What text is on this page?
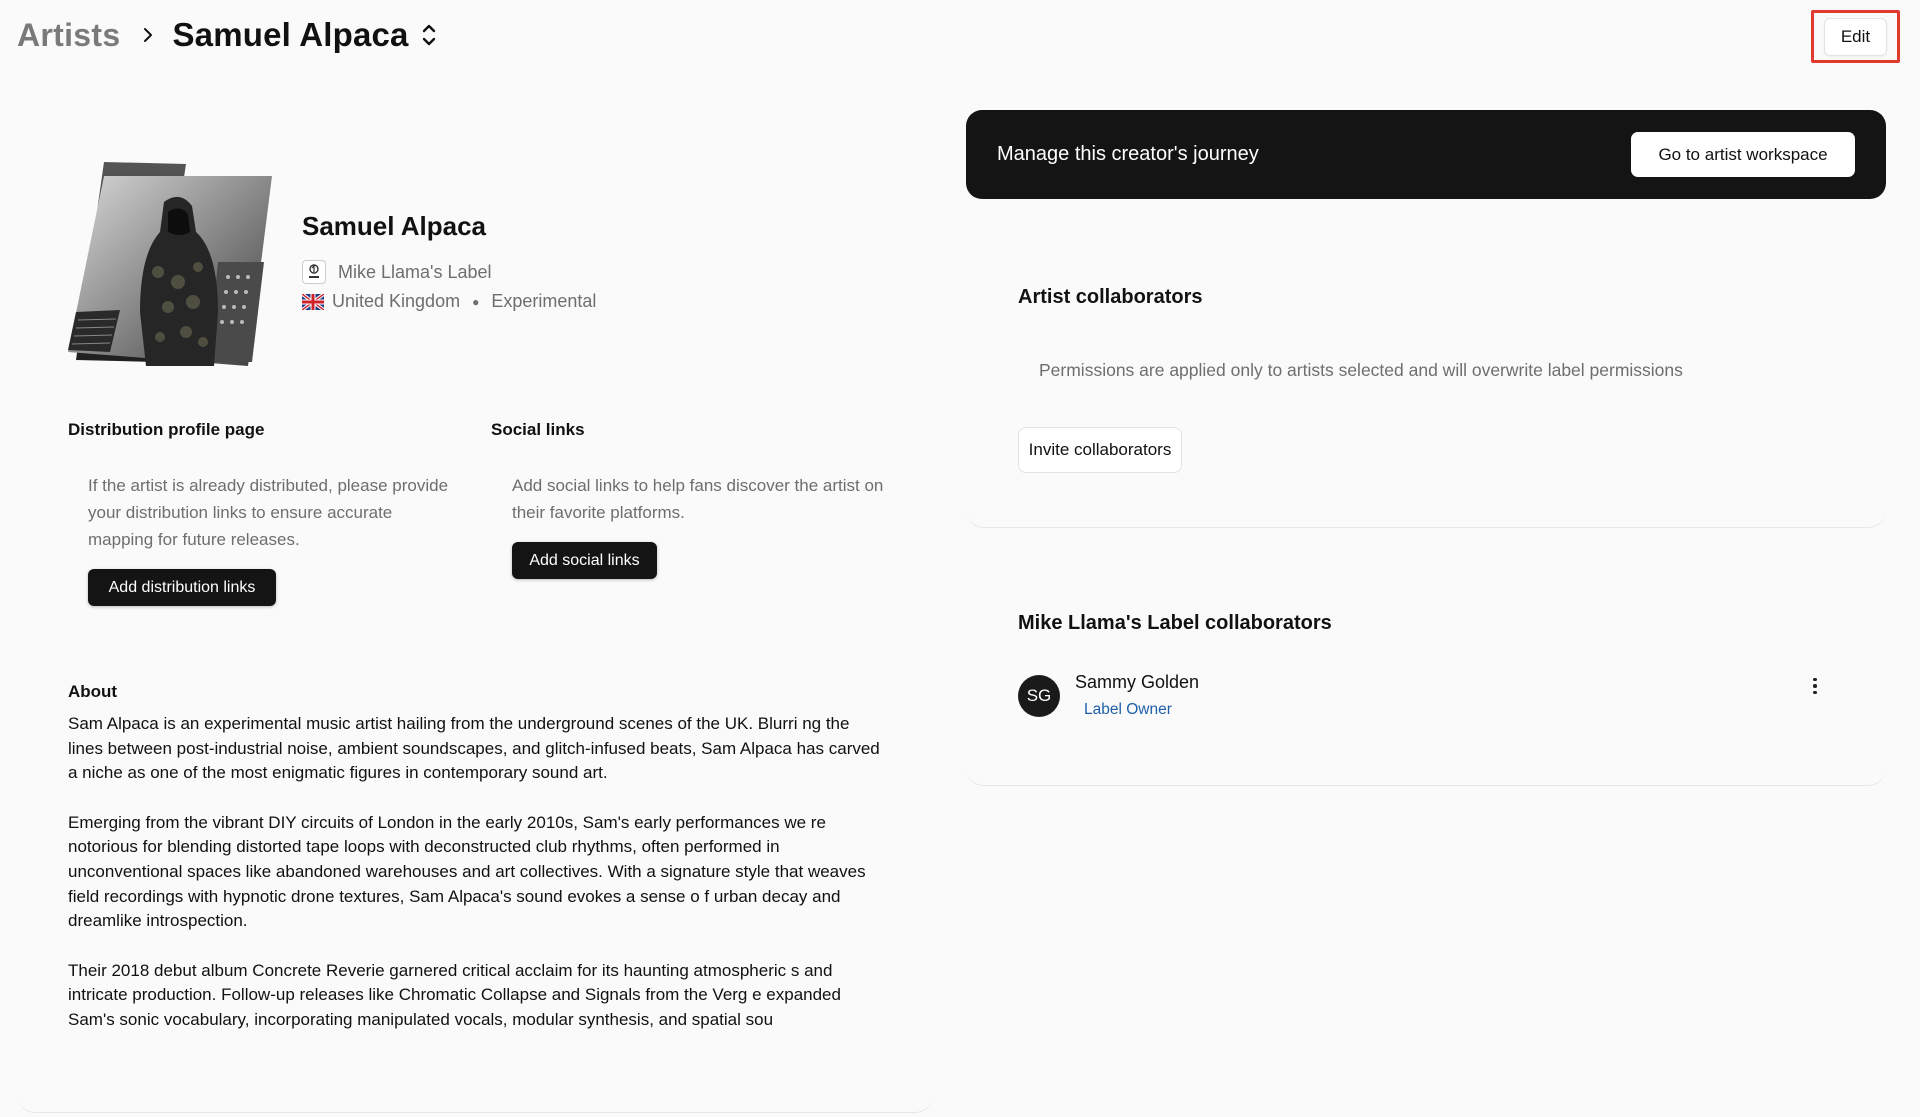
Artists Samuel Alpaca	Edit
Samuel Alpaca
Mike Llama's Label
United Kingdom ● Experimental
Distribution profile page
If the artist is already distributed, please provide your distribution links to ensure accurate mapping for future releases.
Add distribution links
Social links
Add social links to help fans discover the artist on their favorite platforms.
Add social links
About

Sam Alpaca is an experimental music artist hailing from the underground scenes of the UK. Blurri ng the lines between post-industrial noise, ambient soundscapes, and glitch-infused beats, Sam Alpaca has carved a niche as one of the most enigmatic figures in contemporary sound art.

Emerging from the vibrant DIY circuits of London in the early 2010s, Sam's early performances we re notorious for blending distorted tape loops with deconstructed club rhythms, often performed in unconventional spaces like abandoned warehouses and art collectives. With a signature style that weaves field recordings with hypnotic drone textures, Sam Alpaca's sound evokes a sense o f urban decay and dreamlike introspection.

Their 2018 debut album Concrete Reverie garnered critical acclaim for its haunting atmospheric s and intricate production. Follow-up releases like Chromatic Collapse and Signals from the Verg e expanded Sam's sonic vocabulary, incorporating manipulated vocals, modular synthesis, and spatial sou

Manage this creator's journey	Go to artist workspace
Artist collaborators
Permissions are applied only to artists selected and will overwrite label permissions
Invite collaborators
Mike Llama's Label collaborators
SG
Sammy Golden
Label Owner
